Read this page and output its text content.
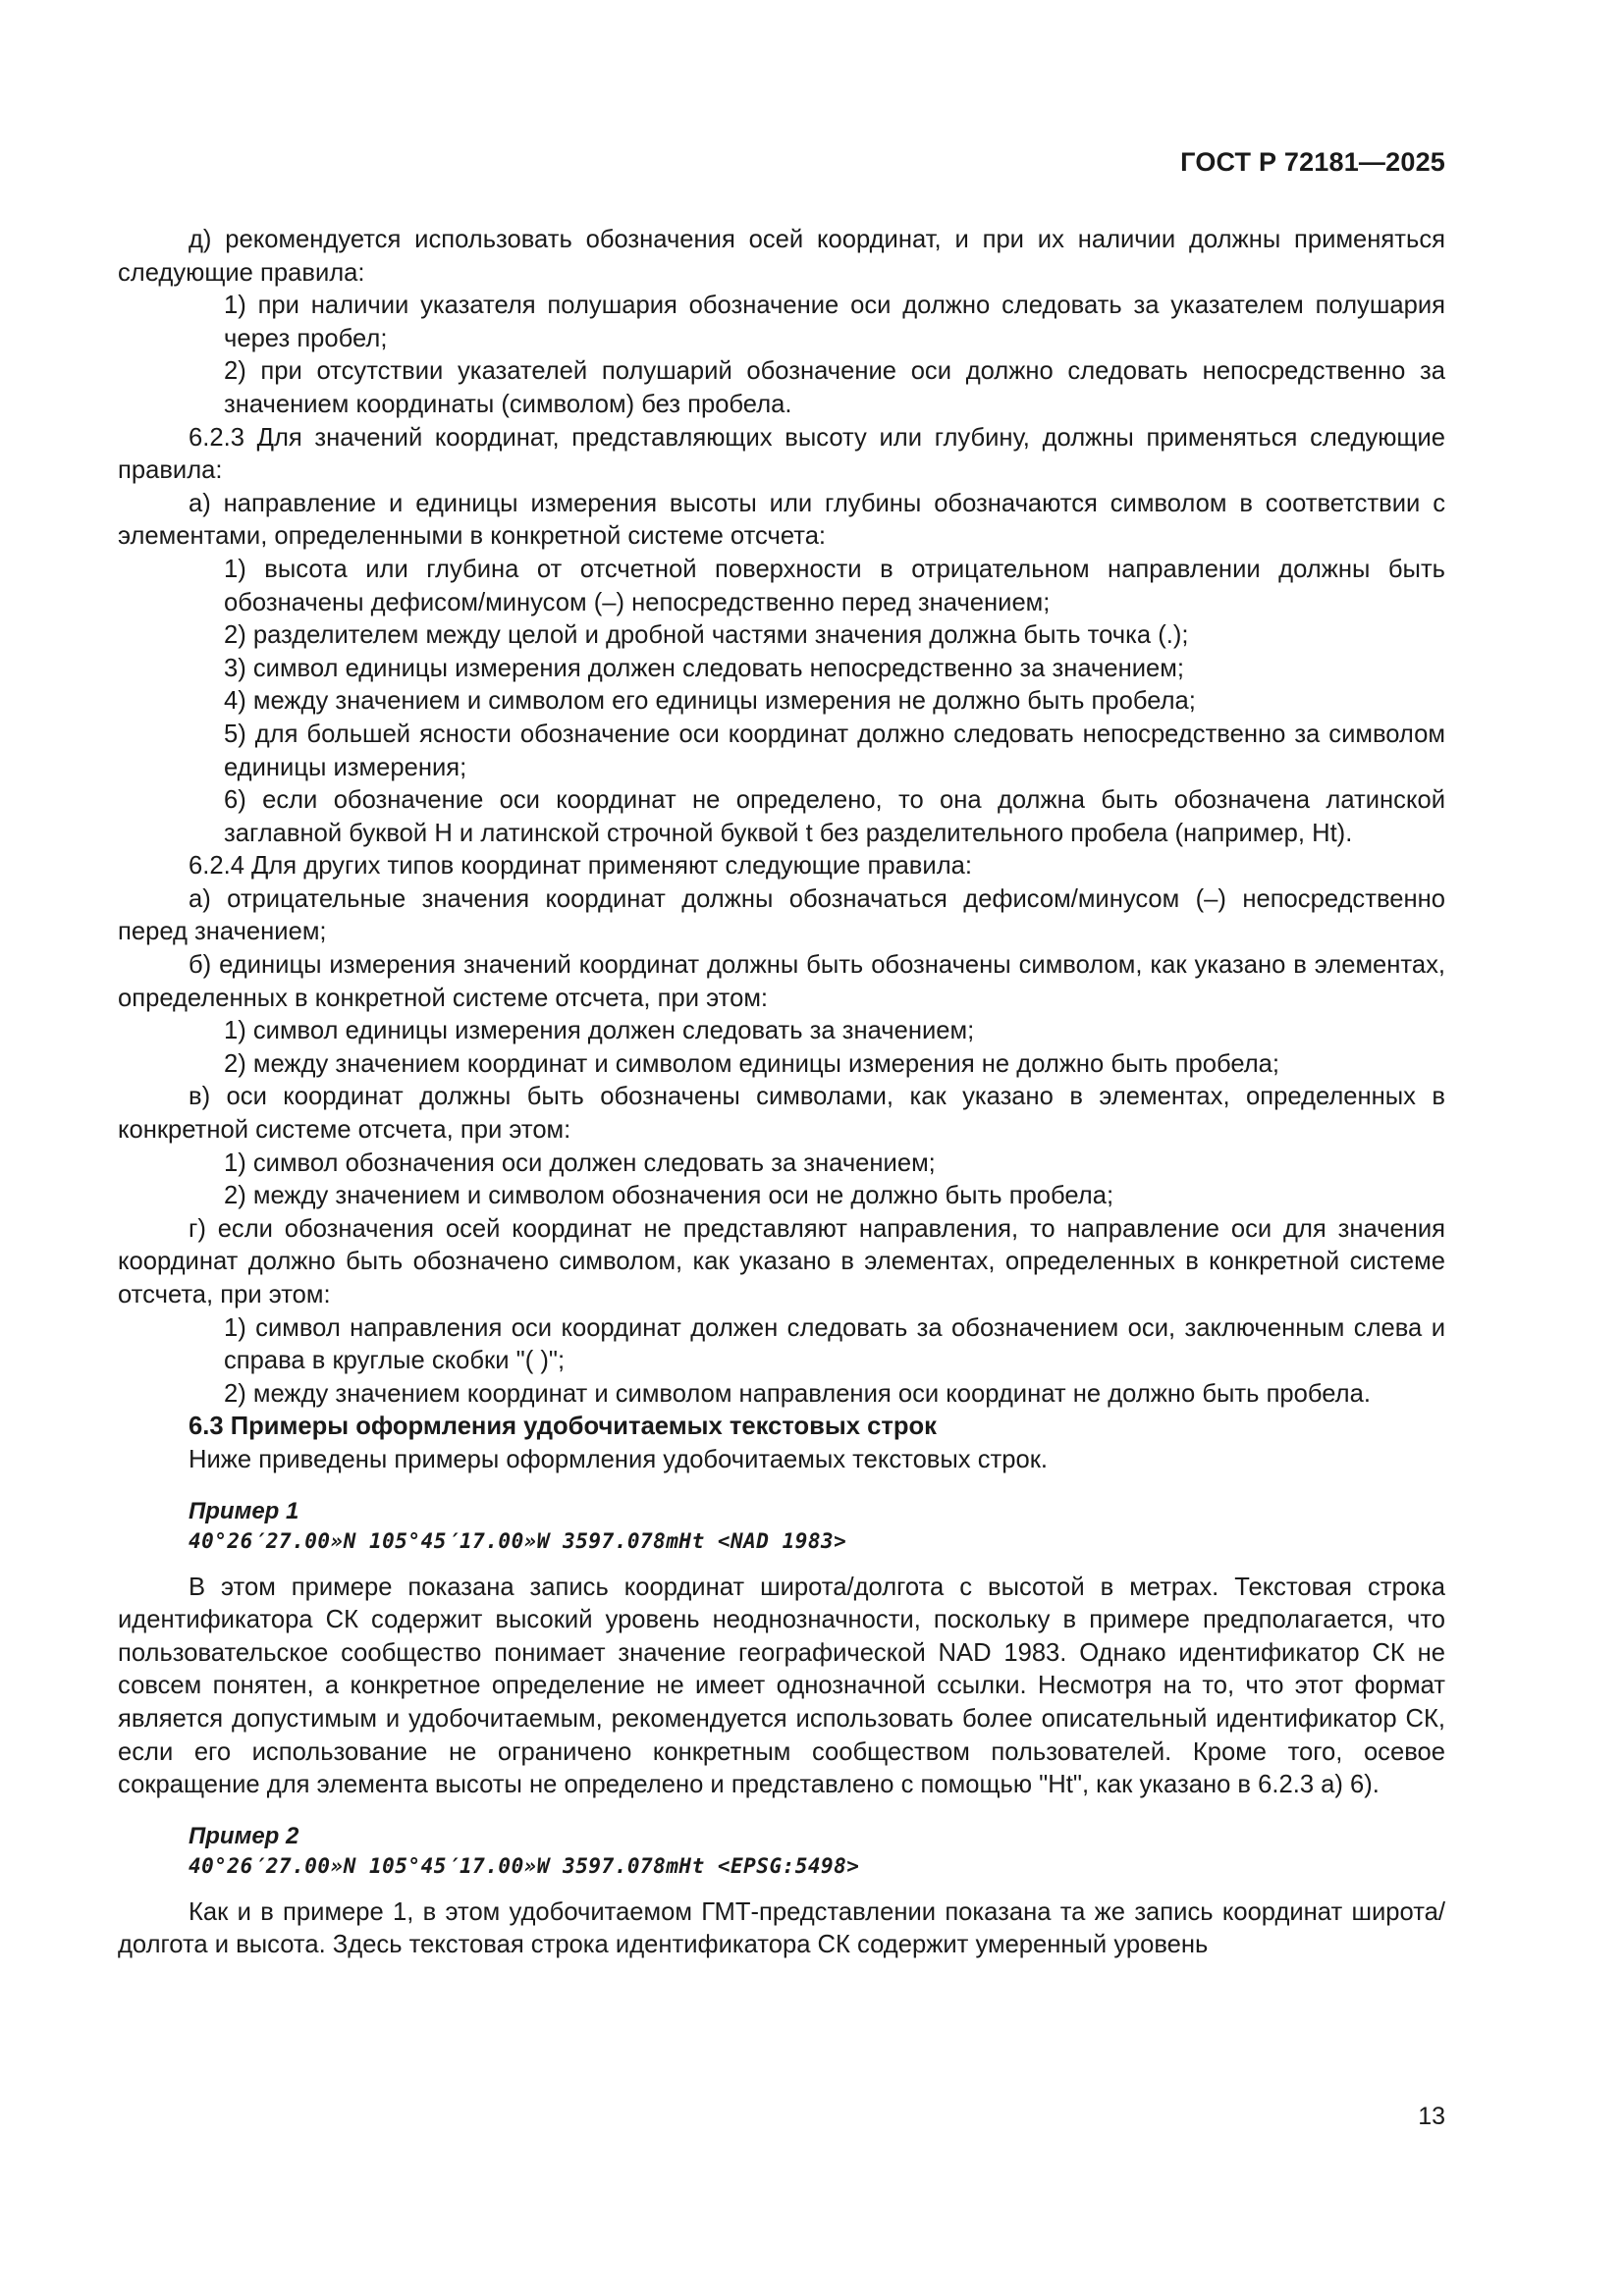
ГОСТ Р 72181—2025

д) рекомендуется использовать обозначения осей координат, и при их наличии должны применяться следующие правила:

1) при наличии указателя полушария обозначение оси должно следовать за указателем полушария через пробел;

2) при отсутствии указателей полушарий обозначение оси должно следовать непосредственно за значением координаты (символом) без пробела.

6.2.3 Для значений координат, представляющих высоту или глубину, должны применяться следующие правила:

а) направление и единицы измерения высоты или глубины обозначаются символом в соответствии с элементами, определенными в конкретной системе отсчета:

1) высота или глубина от отсчетной поверхности в отрицательном направлении должны быть обозначены дефисом/минусом (–) непосредственно перед значением;

2) разделителем между целой и дробной частями значения должна быть точка (.);

3) символ единицы измерения должен следовать непосредственно за значением;

4) между значением и символом его единицы измерения не должно быть пробела;

5) для большей ясности обозначение оси координат должно следовать непосредственно за символом единицы измерения;

6) если обозначение оси координат не определено, то она должна быть обозначена латинской заглавной буквой H и латинской строчной буквой t без разделительного пробела (например, Ht).

6.2.4 Для других типов координат применяют следующие правила:

а) отрицательные значения координат должны обозначаться дефисом/минусом (–) непосредственно перед значением;

б) единицы измерения значений координат должны быть обозначены символом, как указано в элементах, определенных в конкретной системе отсчета, при этом:

1) символ единицы измерения должен следовать за значением;

2) между значением координат и символом единицы измерения не должно быть пробела;

в) оси координат должны быть обозначены символами, как указано в элементах, определенных в конкретной системе отсчета, при этом:

1) символ обозначения оси должен следовать за значением;

2) между значением и символом обозначения оси не должно быть пробела;

г) если обозначения осей координат не представляют направления, то направление оси для значения координат должно быть обозначено символом, как указано в элементах, определенных в конкретной системе отсчета, при этом:

1) символ направления оси координат должен следовать за обозначением оси, заключенным слева и справа в круглые скобки "( )";

2) между значением координат и символом направления оси координат не должно быть пробела.

6.3 Примеры оформления удобочитаемых текстовых строк

Ниже приведены примеры оформления удобочитаемых текстовых строк.

Пример 1

40°26′27.00»N 105°45′17.00»W 3597.078mHt <NAD 1983>

В этом примере показана запись координат широта/долгота с высотой в метрах. Текстовая строка идентификатора СК содержит высокий уровень неоднозначности, поскольку в примере предполагается, что пользовательское сообщество понимает значение географической NAD 1983. Однако идентификатор СК не совсем понятен, а конкретное определение не имеет однозначной ссылки. Несмотря на то, что этот формат является допустимым и удобочитаемым, рекомендуется использовать более описательный идентификатор СК, если его использование не ограничено конкретным сообществом пользователей. Кроме того, осевое сокращение для элемента высоты не определено и представлено с помощью "Ht", как указано в 6.2.3 а) 6).

Пример 2

40°26′27.00»N 105°45′17.00»W 3597.078mHt <EPSG:5498>

Как и в примере 1, в этом удобочитаемом ГМТ-представлении показана та же запись координат широта/долгота и высота. Здесь текстовая строка идентификатора СК содержит умеренный уровень

13
